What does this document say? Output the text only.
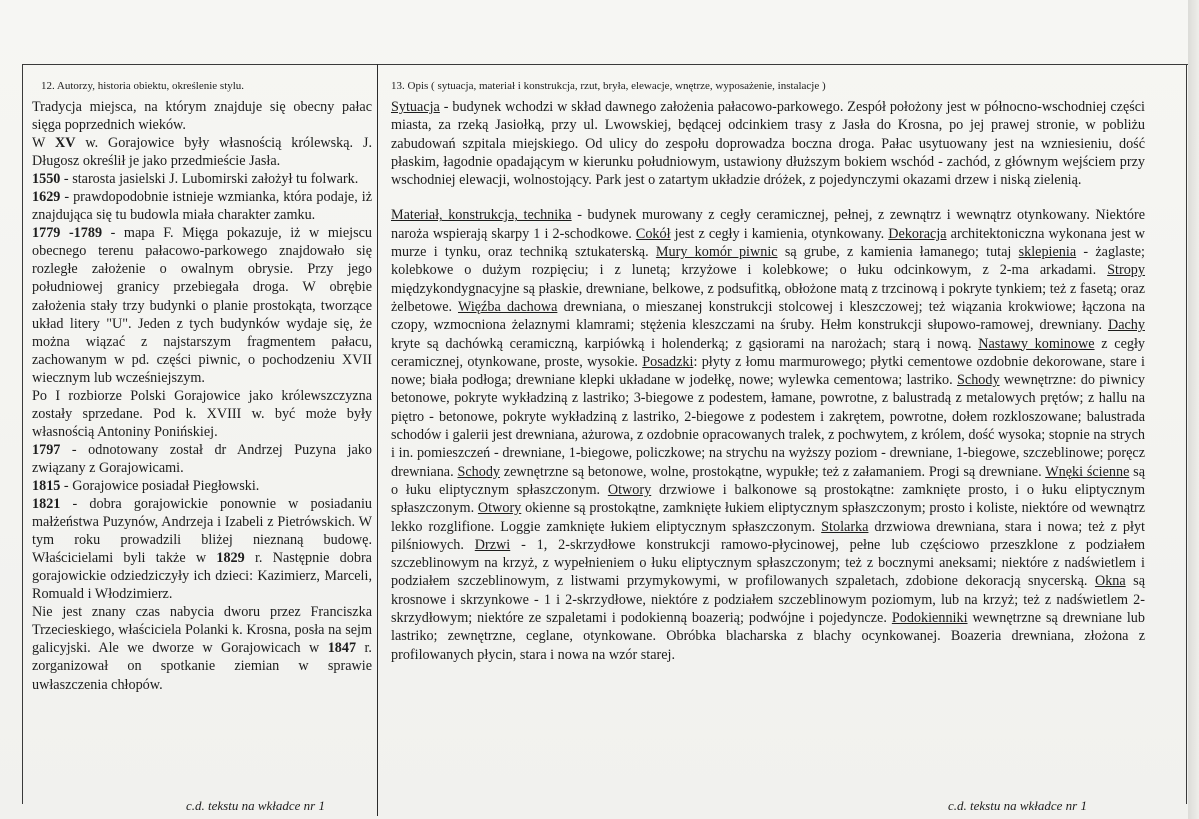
12. Autorzy, historia obiektu, określenie stylu.

Tradycja miejsca, na którym znajduje się obecny pałac sięga poprzednich wieków.
W XV w. Gorajowice były własnością królewską. J. Długosz określił je jako przedmieście Jasła.
1550 - starosta jasielski J. Lubomirski założył tu folwark.
1629 - prawdopodobnie istnieje wzmianka, która podaje, iż znajdująca się tu budowla miała charakter zamku.
1779 -1789 - mapa F. Mięga pokazuje, iż w miejscu obecnego terenu pałacowo-parkowego znajdowało się rozległe założenie o owalnym obrysie. Przy jego południowej granicy przebiegała droga. W obrębie założenia stały trzy budynki o planie prostokąta, tworzące układ litery "U". Jeden z tych budynków wydaje się, że można wiązać z najstarszym fragmentem pałacu, zachowanym w pd. części piwnic, o pochodzeniu XVII wiecznym lub wcześniejszym.
Po I rozbiorze Polski Gorajowice jako królewszczyzna zostały sprzedane. Pod k. XVIII w. być może były własnością Antoniny Ponińskiej.
1797 - odnotowany został dr Andrzej Puzyna jako związany z Gorajowicami.
1815 - Gorajowice posiadał Piegłowski.
1821 - dobra gorajowickie ponownie w posiadaniu małżeństwa Puzynów, Andrzeja i Izabeli z Pietrówskich. W tym roku prowadzili bliżej nieznaną budowę. Właścicielami byli także w 1829 r. Następnie dobra gorajowickie odziedziczyły ich dzieci: Kazimierz, Marceli, Romuald i Włodzimierz.
Nie jest znany czas nabycia dworu przez Franciszka Trzecieskiego, właściciela Polanki k. Krosna, posła na sejm galicyjski. Ale we dworze w Gorajowicach w 1847 r. zorganizował on spotkanie ziemian w sprawie uwłaszczenia chłopów.

13. Opis ( sytuacja, materiał i konstrukcja, rzut, bryła, elewacje, wnętrze, wyposażenie, instalacje )

Sytuacja - budynek wchodzi w skład dawnego założenia pałacowo-parkowego. Zespół położony jest w północno-wschodniej części miasta, za rzeką Jasiołką, przy ul. Lwowskiej, będącej odcinkiem trasy z Jasła do Krosna, po jej prawej stronie, w pobliżu zabudowań szpitala miejskiego. Od ulicy do zespołu doprowadza boczna droga. Pałac usytuowany jest na wzniesieniu, dość płaskim, łagodnie opadającym w kierunku południowym, ustawiony dłuższym bokiem wschód - zachód, z głównym wejściem przy wschodniej elewacji, wolnostojący. Park jest o zatartym układzie dróżek, z pojedynczymi okazami drzew i niską zielenią.

Materiał, konstrukcja, technika - budynek murowany z cegły ceramicznej, pełnej, z zewnątrz i wewnątrz otynkowany. Niektóre naroża wspierają skarpy 1 i 2-schodkowe. Cokół jest z cegły i kamienia, otynkowany. Dekoracja architektoniczna wykonana jest w murze i tynku, oraz techniką sztukaterską. Mury komór piwnic są grube, z kamienia łamanego; tutaj sklepienia - żaglaste; kolebkowe o dużym rozpięciu; i z lunetą; krzyżowe i kolebkowe; o łuku odcinkowym, z 2-ma arkadami. Stropy międzykondygnacyjne są płaskie, drewniane, belkowe, z podsufitką, obłożone matą z trzcinową i pokryte tynkiem; też z fasetą; oraz żelbetowe. Więźba dachowa drewniana, o mieszanej konstrukcji stolcowej i kleszczowej; też wiązania krokwiowe; łączona na czopy, wzmocniona żelaznymi klamrami; stężenia kleszczami na śruby. Hełm konstrukcji słupowo-ramowej, drewniany. Dachy kryte są dachówką ceramiczną, karpiówką i holenderką; z gąsiorami na narożach; starą i nową. Nastawy kominowe z cegły ceramicznej, otynkowane, proste, wysokie. Posadzki: płyty z łomu marmurowego; płytki cementowe ozdobnie dekorowane, stare i nowe; biała podłoga; drewniane klepki układane w jodełkę, nowe; wylewka cementowa; lastriko. Schody wewnętrzne: do piwnicy betonowe, pokryte wykładziną z lastriko; 3-biegowe z podestem, łamane, powrotne, z balustradą z metalowych prętów; z hallu na piętro - betonowe, pokryte wykładziną z lastriko, 2-biegowe z podestem i zakrętem, powrotne, dołem rozkloszowane; balustrada schodów i galerii jest drewniana, ażurowa, z ozdobnie opracowanych tralek, z pochwytem, z królem, dość wysoka; stopnie na strych i in. pomieszczeń - drewniane, 1-biegowe, policzkowe; na strychu na wyższy poziom - drewniane, 1-biegowe, szczeblinowe; poręcz drewniana. Schody zewnętrzne są betonowe, wolne, prostokątne, wypukłe; też z załamaniem. Progi są drewniane. Wnęki ścienne są o łuku eliptycznym spłaszczonym. Otwory drzwiowe i balkonowe są prostokątne: zamknięte prosto, i o łuku eliptycznym spłaszczonym. Otwory okienne są prostokątne, zamknięte łukiem eliptycznym spłaszczonym; prosto i koliste, niektóre od wewnątrz lekko rozglifione. Loggie zamknięte łukiem eliptycznym spłaszczonym. Stolarka drzwiowa drewniana, stara i nowa; też z płyt pilśniowych. Drzwi - 1, 2-skrzydłowe konstrukcji ramowo-płycinowej, pełne lub częściowo przeszklone z podziałem szczeblinowym na krzyż, z wypełnieniem o łuku eliptycznym spłaszczonym; też z bocznymi aneksami; niektóre z nadświetlem i podziałem szczeblinowym, z listwami przymykowymi, w profilowanych szpaletach, zdobione dekoracją snycerską. Okna są krosnowe i skrzynkowe - 1 i 2-skrzydłowe, niektóre z podziałem szczeblinowym poziomym, lub na krzyż; też z nadświetlem 2-skrzydłowym; niektóre ze szpaletami i podokienną boazerią; podwójne i pojedyncze. Podokienniki wewnętrzne są drewniane lub lastriko; zewnętrzne, ceglane, otynkowane. Obróbka blacharska z blachy ocynkowanej. Boazeria drewniana, złożona z profilowanych płycin, stara i nowa na wzór starej.

c.d. tekstu na wkładce nr 1	c.d. tekstu na wkładce nr 1
